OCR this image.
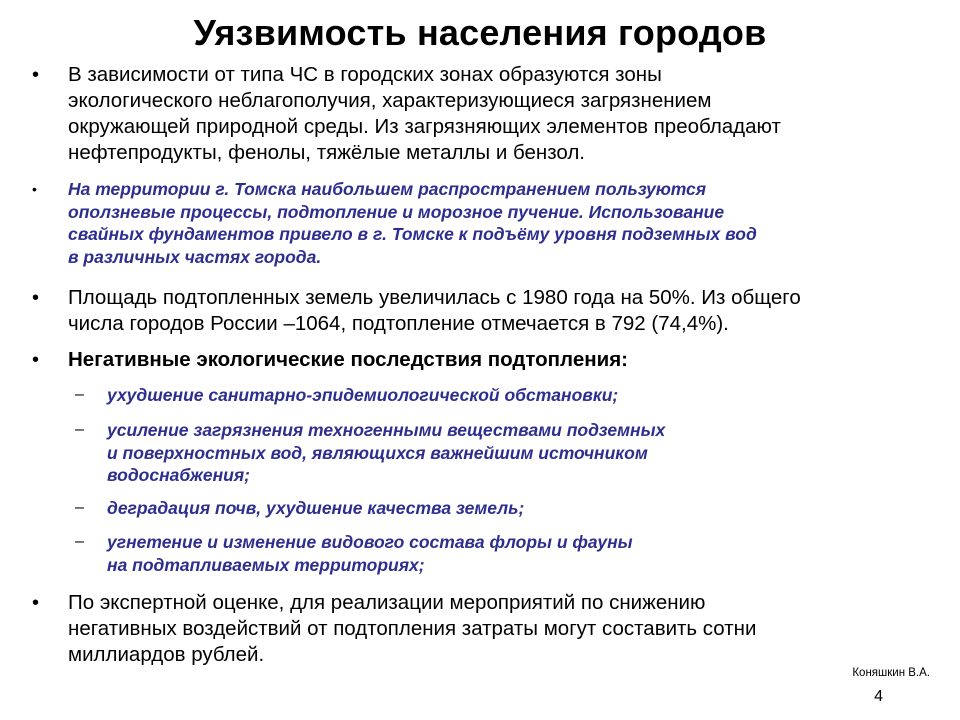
Уязвимость населения городов
•	В зависимости от типа ЧС в городских зонах образуются зоны
экологического неблагополучия, характеризующиеся загрязнением
окружающей природной среды. Из загрязняющих элементов преобладают
нефтепродукты, фенолы, тяжёлые металлы и бензол.
•	На территории г. Томска наибольшем распространением пользуются
оползневые процессы, подтопление и морозное пучение. Использование
свайных фундаментов привело в г. Томске к подъёму уровня подземных вод
в различных частях города.
•	Площадь подтопленных земель увеличилась с 1980 года на 50%. Из общего
числа городов России –1064, подтопление отмечается в 792 (74,4%).
•	Негативные экологические последствия подтопления:
–	ухудшение санитарно-эпидемиологической обстановки;
–	усиление загрязнения техногенными веществами подземных
и поверхностных вод, являющихся важнейшим источником
водоснабжения;
–	деградация почв, ухудшение качества земель;
–	угнетение и изменение видового состава флоры и фауны
на подтапливаемых территориях;
•	По экспертной оценке, для реализации мероприятий по снижению
негативных воздействий от подтопления затраты могут составить сотни
миллиардов рублей.
Коняшкин В.А.
4
